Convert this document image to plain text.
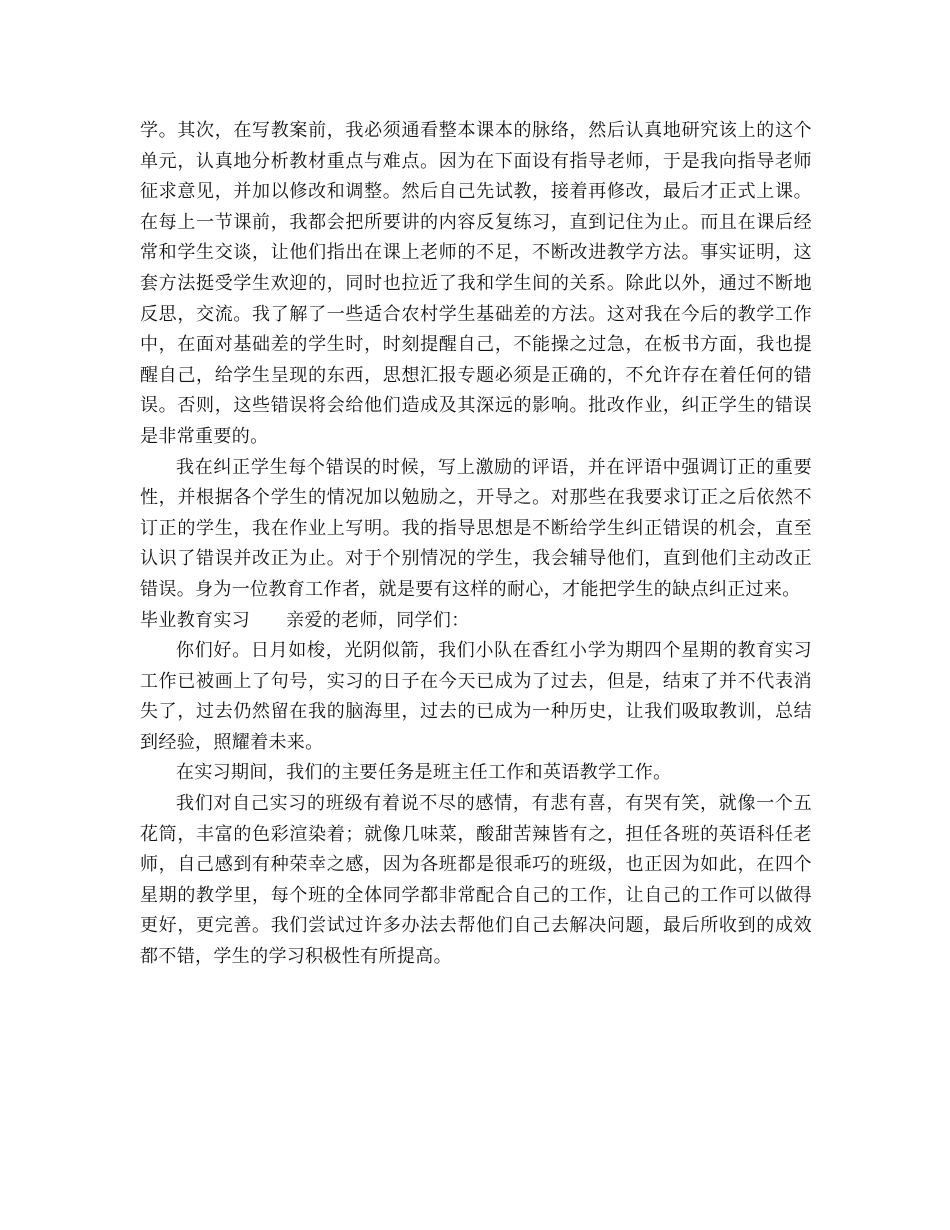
学。其次，在写教案前，我必须通看整本课本的脉络，然后认真地研究该上的这个单元，认真地分析教材重点与难点。因为在下面设有指导老师，于是我向指导老师征求意见，并加以修改和调整。然后自己先试教，接着再修改，最后才正式上课。在每上一节课前，我都会把所要讲的内容反复练习，直到记住为止。而且在课后经常和学生交谈，让他们指出在课上老师的不足，不断改进教学方法。事实证明，这套方法挺受学生欢迎的，同时也拉近了我和学生间的关系。除此以外，通过不断地反思，交流。我了解了一些适合农村学生基础差的方法。这对我在今后的教学工作中，在面对基础差的学生时，时刻提醒自己，不能操之过急，在板书方面，我也提醒自己，给学生呈现的东西，思想汇报专题必须是正确的，不允许存在着任何的错误。否则，这些错误将会给他们造成及其深远的影响。批改作业，纠正学生的错误是非常重要的。

我在纠正学生每个错误的时候，写上激励的评语，并在评语中强调订正的重要性，并根据各个学生的情况加以勉励之，开导之。对那些在我要求订正之后依然不订正的学生，我在作业上写明。我的指导思想是不断给学生纠正错误的机会，直至认识了错误并改正为止。对于个别情况的学生，我会辅导他们，直到他们主动改正错误。身为一位教育工作者，就是要有这样的耐心，才能把学生的缺点纠正过来。

毕业教育实习 亲爱的老师，同学们：

你们好。日月如梭，光阴似箭，我们小队在香红小学为期四个星期的教育实习工作已被画上了句号，实习的日子在今天已成为了过去，但是，结束了并不代表消失了，过去仍然留在我的脑海里，过去的已成为一种历史，让我们吸取教训，总结到经验，照耀着未来。

在实习期间，我们的主要任务是班主任工作和英语教学工作。

我们对自己实习的班级有着说不尽的感情，有悲有喜，有哭有笑，就像一个五花筒，丰富的色彩渲染着；就像几味菜，酸甜苦辣皆有之，担任各班的英语科任老师，自己感到有种荣幸之感，因为各班都是很乖巧的班级，也正因为如此，在四个星期的教学里，每个班的全体同学都非常配合自己的工作，让自己的工作可以做得更好，更完善。我们尝试过许多办法去帮他们自己去解决问题，最后所收到的成效都不错，学生的学习积极性有所提高。
